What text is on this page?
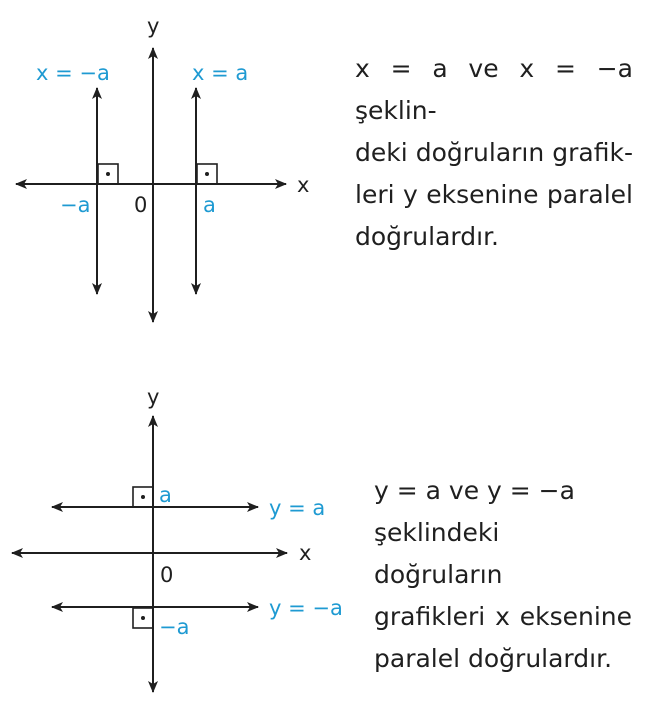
y
x
0
x = −a	x = a
−a	a
y
x
0
a
−a
y = a
y = −a

x = a ve x = −a şeklin-
deki doğruların grafik-
leri y eksenine paralel
doğrulardır.

y = a ve y = −a
şeklindeki doğruların
grafikleri x eksenine
paralel doğrulardır.
